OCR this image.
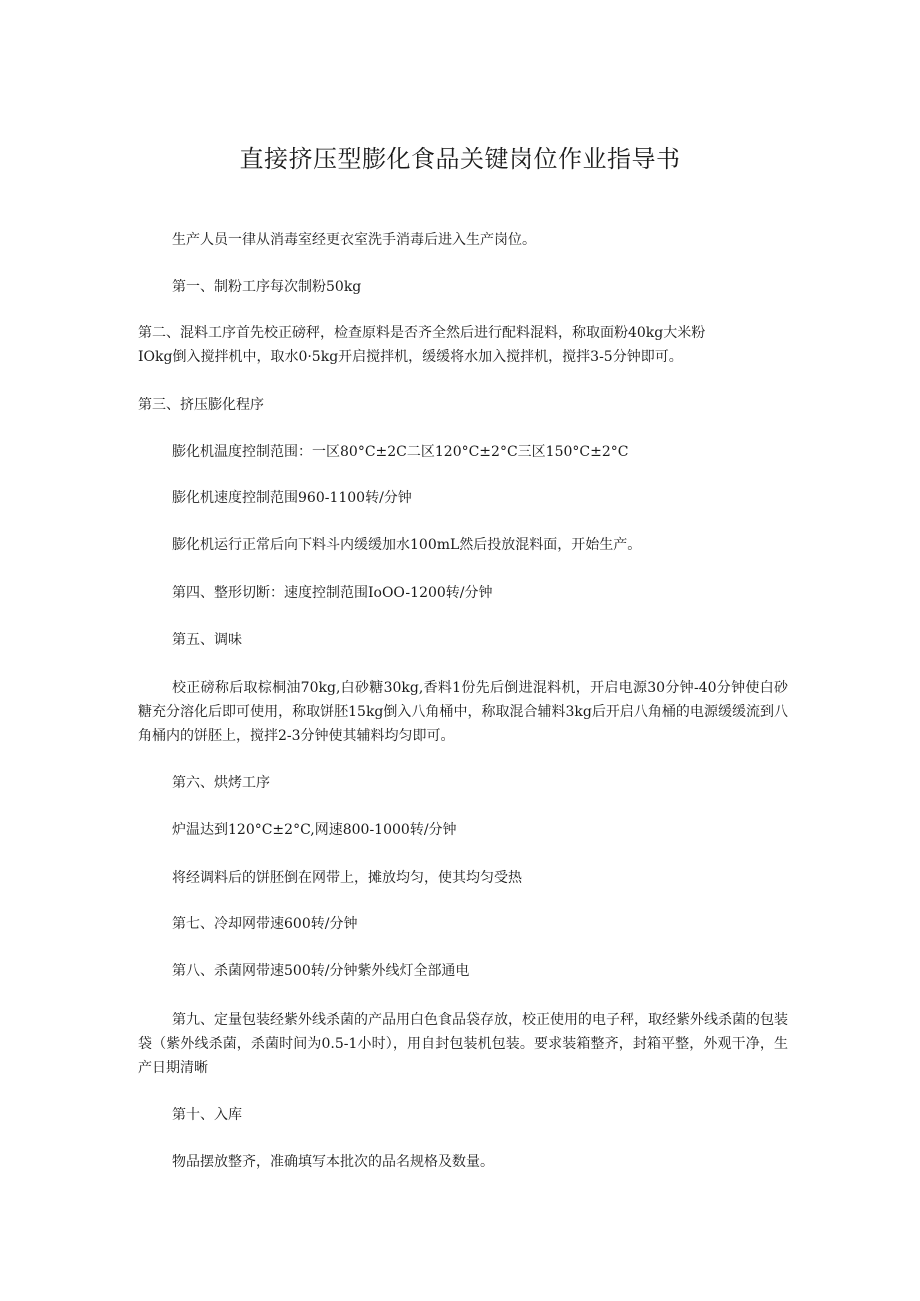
直接挤压型膨化食品关键岗位作业指导书
生产人员一律从消毒室经更衣室洗手消毒后进入生产岗位。
第一、制粉工序每次制粉50kg
第二、混料工序首先校正磅秤，检查原料是否齐全然后进行配料混料，称取面粉40kg大米粉
IOkg倒入搅拌机中，取水0·5kg开启搅拌机，缓缓将水加入搅拌机，搅拌3-5分钟即可。
第三、挤压膨化程序
膨化机温度控制范围：一区80°C±2C二区120°C±2°C三区150°C±2°C
膨化机速度控制范围960-1100转/分钟
膨化机运行正常后向下料斗内缓缓加水100mL然后投放混料面，开始生产。
第四、整形切断：速度控制范围IoOO-1200转/分钟
第五、调味
校正磅称后取棕桐油70kg,白砂糖30kg,香料1份先后倒进混料机，开启电源30分钟-40分钟使白砂糖充分溶化后即可使用，称取饼胚15kg倒入八角桶中，称取混合辅料3kg后开启八角桶的电源缓缓流到八角桶内的饼胚上，搅拌2-3分钟使其辅料均匀即可。
第六、烘烤工序
炉温达到120°C±2°C,网速800-1000转/分钟
将经调料后的饼胚倒在网带上，摊放均匀，使其均匀受热
第七、冷却网带速600转/分钟
第八、杀菌网带速500转/分钟紫外线灯全部通电
第九、定量包装经紫外线杀菌的产品用白色食品袋存放，校正使用的电子秤，取经紫外线杀菌的包装袋（紫外线杀菌，杀菌时间为0.5-1小时），用自封包装机包装。要求装箱整齐，封箱平整，外观干净，生产日期清晰
第十、入库
物品摆放整齐，准确填写本批次的品名规格及数量。
